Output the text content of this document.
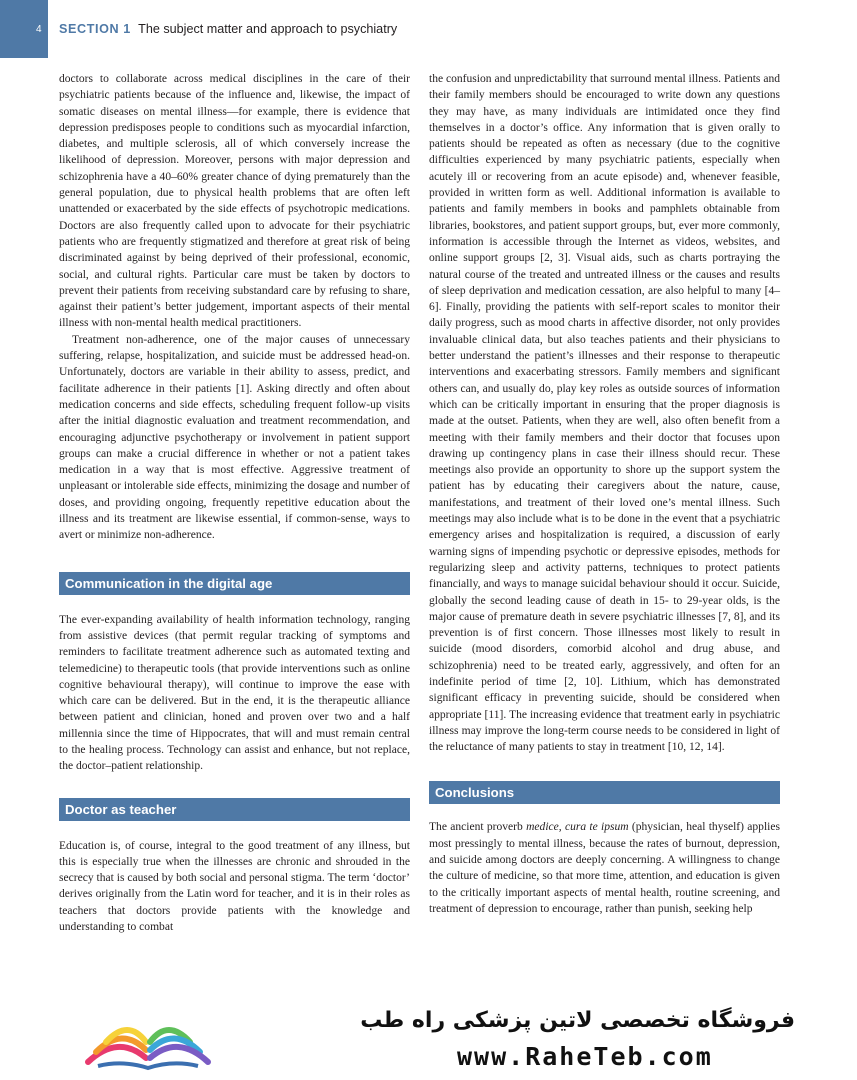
4 SECTION 1 The subject matter and approach to psychiatry

doctors to collaborate across medical disciplines in the care of their psychiatric patients because of the influence and, likewise, the impact of somatic diseases on mental illness—for example, there is evidence that depression predisposes people to conditions such as myocardial infarction, diabetes, and multiple sclerosis, all of which conversely increase the likelihood of depression. Moreover, persons with major depression and schizophrenia have a 40–60% greater chance of dying prematurely than the general population, due to physical health problems that are often left unattended or exacerbated by the side effects of psychotropic medications. Doctors are also frequently called upon to advocate for their psychiatric patients who are frequently stigmatized and therefore at great risk of being discriminated against by being deprived of their professional, economic, social, and cultural rights. Particular care must be taken by doctors to prevent their patients from receiving substandard care by refusing to share, against their patient’s better judgement, important aspects of their mental illness with non-mental health medical practitioners.

Treatment non-adherence, one of the major causes of unnecessary suffering, relapse, hospitalization, and suicide must be addressed head-on. Unfortunately, doctors are variable in their ability to assess, predict, and facilitate adherence in their patients [1]. Asking directly and often about medication concerns and side effects, scheduling frequent follow-up visits after the initial diagnostic evaluation and treatment recommendation, and encouraging adjunctive psychotherapy or involvement in patient support groups can make a crucial difference in whether or not a patient takes medication in a way that is most effective. Aggressive treatment of unpleasant or intolerable side effects, minimizing the dosage and number of doses, and providing ongoing, frequently repetitive education about the illness and its treatment are likewise essential, if common-sense, ways to avert or minimize non-adherence.

Communication in the digital age

The ever-expanding availability of health information technology, ranging from assistive devices (that permit regular tracking of symptoms and reminders to facilitate treatment adherence such as automated texting and telemedicine) to therapeutic tools (that provide interventions such as online cognitive behavioural therapy), will continue to improve the ease with which care can be delivered. But in the end, it is the therapeutic alliance between patient and clinician, honed and proven over two and a half millennia since the time of Hippocrates, that will and must remain central to the healing process. Technology can assist and enhance, but not replace, the doctor–patient relationship.

Doctor as teacher

Education is, of course, integral to the good treatment of any illness, but this is especially true when the illnesses are chronic and shrouded in the secrecy that is caused by both social and personal stigma. The term ‘doctor’ derives originally from the Latin word for teacher, and it is in their roles as teachers that doctors provide patients with the knowledge and understanding to combat

the confusion and unpredictability that surround mental illness. Patients and their family members should be encouraged to write down any questions they may have, as many individuals are intimidated once they find themselves in a doctor’s office. Any information that is given orally to patients should be repeated as often as necessary (due to the cognitive difficulties experienced by many psychiatric patients, especially when acutely ill or recovering from an acute episode) and, whenever feasible, provided in written form as well. Additional information is available to patients and family members in books and pamphlets obtainable from libraries, bookstores, and patient support groups, but, ever more commonly, information is accessible through the Internet as videos, websites, and online support groups [2, 3]. Visual aids, such as charts portraying the natural course of the treated and untreated illness or the causes and results of sleep deprivation and medication cessation, are also helpful to many [4–6]. Finally, providing the patients with self-report scales to monitor their daily progress, such as mood charts in affective disorder, not only provides invaluable clinical data, but also teaches patients and their physicians to better understand the patient’s illnesses and their response to therapeutic interventions and exacerbating stressors. Family members and significant others can, and usually do, play key roles as outside sources of information which can be critically important in ensuring that the proper diagnosis is made at the outset. Patients, when they are well, also often benefit from a meeting with their family members and their doctor that focuses upon drawing up contingency plans in case their illness should recur. These meetings also provide an opportunity to shore up the support system the patient has by educating their caregivers about the nature, cause, manifestations, and treatment of their loved one’s mental illness. Such meetings may also include what is to be done in the event that a psychiatric emergency arises and hospitalization is required, a discussion of early warning signs of impending psychotic or depressive episodes, methods for regularizing sleep and activity patterns, techniques to protect patients financially, and ways to manage suicidal behaviour should it occur. Suicide, globally the second leading cause of death in 15- to 29-year olds, is the major cause of premature death in severe psychiatric illnesses [7, 8], and its prevention is of first concern. Those illnesses most likely to result in suicide (mood disorders, comorbid alcohol and drug abuse, and schizophrenia) need to be treated early, aggressively, and often for an indefinite period of time [2, 10]. Lithium, which has demonstrated significant efficacy in preventing suicide, should be considered when appropriate [11]. The increasing evidence that treatment early in psychiatric illness may improve the long-term course needs to be considered in light of the reluctance of many patients to stay in treatment [10, 12, 14].

Conclusions

The ancient proverb medice, cura te ipsum (physician, heal thyself) applies most pressingly to mental illness, because the rates of burnout, depression, and suicide among doctors are deeply concerning. A willingness to change the culture of medicine, so that more time, attention, and education is given to the critically important aspects of mental health, routine screening, and treatment of depression to encourage, rather than punish, seeking help

فروشگاه تخصصی لاتین پزشکی راه طب
www.RaheTeb.com
